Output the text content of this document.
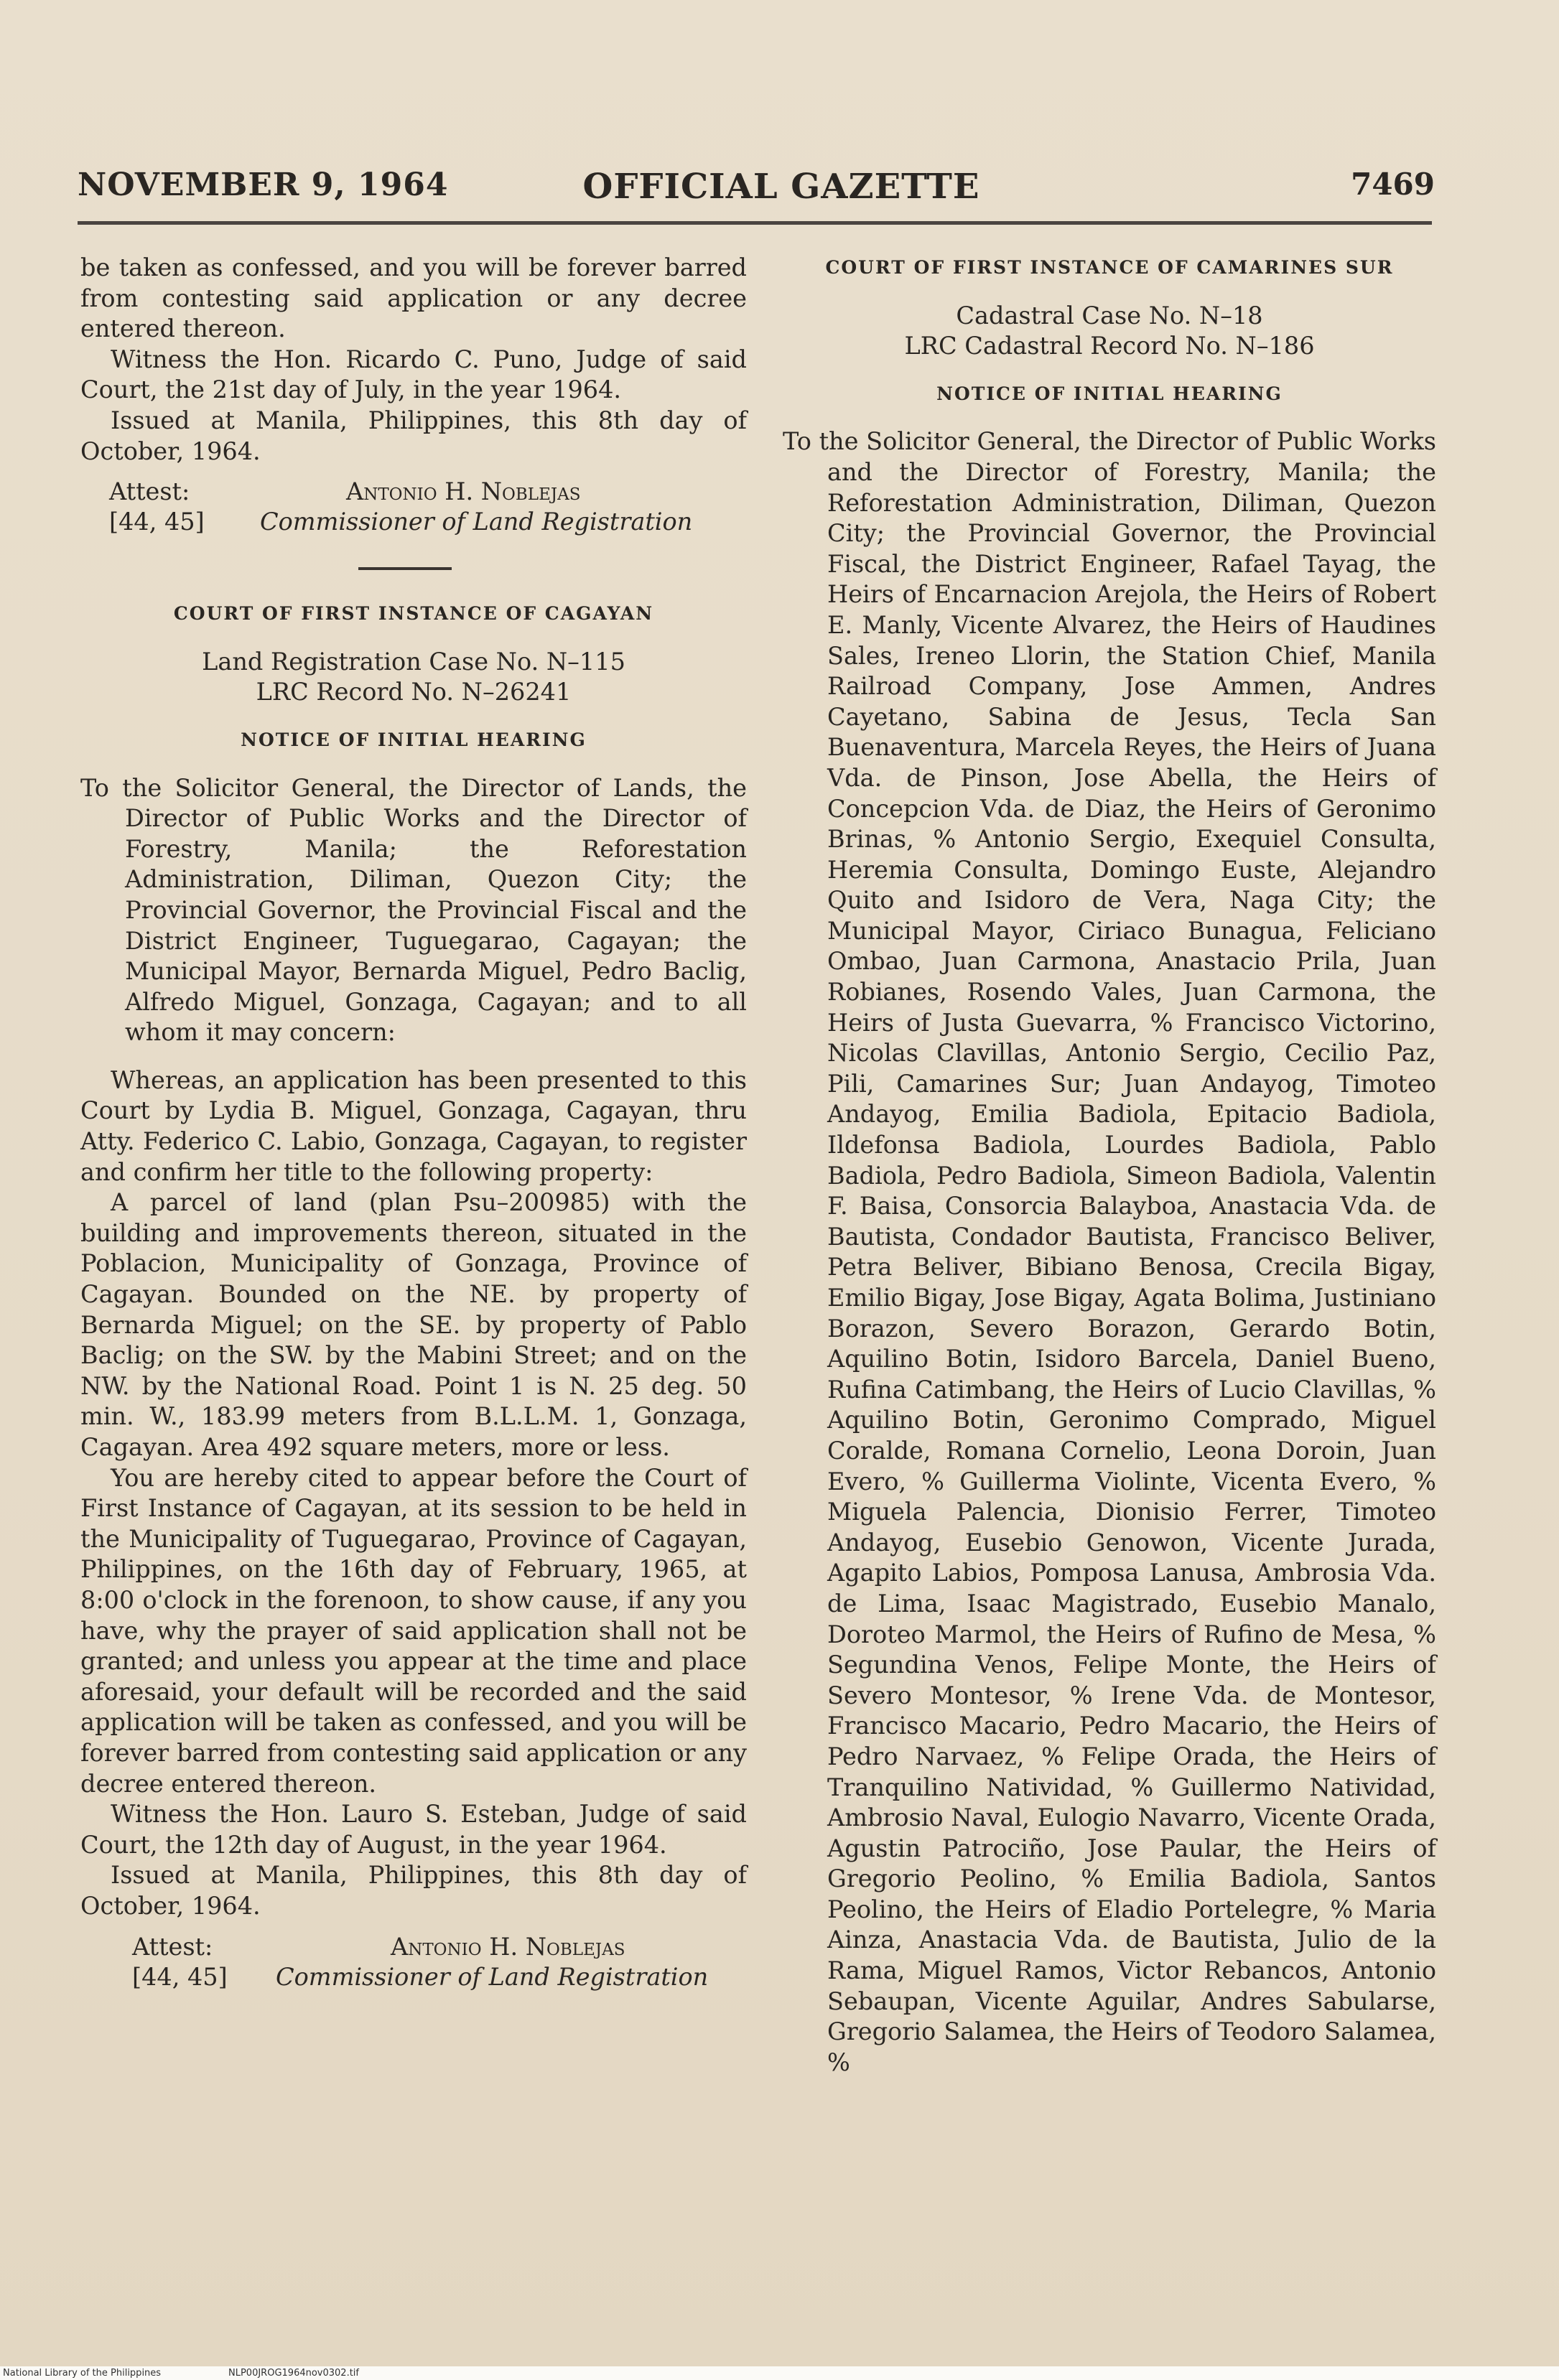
NOVEMBER 9, 1964	OFFICIAL GAZETTE	7469

be taken as confessed, and you will be forever barred from contesting said application or any decree entered thereon.

Witness the Hon. Ricardo C. Puno, Judge of said Court, the 21st day of July, in the year 1964.

Issued at Manila, Philippines, this 8th day of October, 1964.

Attest:	Antonio H. Noblejas
[44, 45] Commissioner of Land Registration

COURT OF FIRST INSTANCE OF CAGAYAN

Land Registration Case No. N–115

LRC Record No. N–26241

NOTICE OF INITIAL HEARING

To the Solicitor General, the Director of Lands, the Director of Public Works and the Director of Forestry, Manila; the Reforestation Administration, Diliman, Quezon City; the Provincial Governor, the Provincial Fiscal and the District Engineer, Tuguegarao, Cagayan; the Municipal Mayor, Bernarda Miguel, Pedro Baclig, Alfredo Miguel, Gonzaga, Cagayan; and to all whom it may concern:

Whereas, an application has been presented to this Court by Lydia B. Miguel, Gonzaga, Cagayan, thru Atty. Federico C. Labio, Gonzaga, Cagayan, to register and confirm her title to the following property:

A parcel of land (plan Psu–200985) with the building and improvements thereon, situated in the Poblacion, Municipality of Gonzaga, Province of Cagayan. Bounded on the NE. by property of Bernarda Miguel; on the SE. by property of Pablo Baclig; on the SW. by the Mabini Street; and on the NW. by the National Road. Point 1 is N. 25 deg. 50 min. W., 183.99 meters from B.L.L.M. 1, Gonzaga, Cagayan. Area 492 square meters, more or less.

You are hereby cited to appear before the Court of First Instance of Cagayan, at its session to be held in the Municipality of Tuguegarao, Province of Cagayan, Philippines, on the 16th day of February, 1965, at 8:00 o'clock in the forenoon, to show cause, if any you have, why the prayer of said application shall not be granted; and unless you appear at the time and place aforesaid, your default will be recorded and the said application will be taken as confessed, and you will be forever barred from contesting said application or any decree entered thereon.

Witness the Hon. Lauro S. Esteban, Judge of said Court, the 12th day of August, in the year 1964.

Issued at Manila, Philippines, this 8th day of October, 1964.

Attest:	Antonio H. Noblejas
[44, 45] Commissioner of Land Registration

COURT OF FIRST INSTANCE OF CAMARINES SUR

Cadastral Case No. N–18

LRC Cadastral Record No. N–186

NOTICE OF INITIAL HEARING

To the Solicitor General, the Director of Public Works and the Director of Forestry, Manila; the Reforestation Administration, Diliman, Quezon City; the Provincial Governor, the Provincial Fiscal, the District Engineer, Rafael Tayag, the Heirs of Encarnacion Arejola, the Heirs of Robert E. Manly, Vicente Alvarez, the Heirs of Haudines Sales, Ireneo Llorin, the Station Chief, Manila Railroad Company, Jose Ammen, Andres Cayetano, Sabina de Jesus, Tecla San Buenaventura, Marcela Reyes, the Heirs of Juana Vda. de Pinson, Jose Abella, the Heirs of Concepcion Vda. de Diaz, the Heirs of Geronimo Brinas, % Antonio Sergio, Exequiel Consulta, Heremia Consulta, Domingo Euste, Alejandro Quito and Isidoro de Vera, Naga City; the Municipal Mayor, Ciriaco Bunagua, Feliciano Ombao, Juan Carmona, Anastacio Prila, Juan Robianes, Rosendo Vales, Juan Carmona, the Heirs of Justa Guevarra, % Francisco Victorino, Nicolas Clavillas, Antonio Sergio, Cecilio Paz, Pili, Camarines Sur; Juan Andayog, Timoteo Andayog, Emilia Badiola, Epitacio Badiola, Ildefonsa Badiola, Lourdes Badiola, Pablo Badiola, Pedro Badiola, Simeon Badiola, Valentin F. Baisa, Consorcia Balayboa, Anastacia Vda. de Bautista, Condador Bautista, Francisco Beliver, Petra Beliver, Bibiano Benosa, Crecila Bigay, Emilio Bigay, Jose Bigay, Agata Bolima, Justiniano Borazon, Severo Borazon, Gerardo Botin, Aquilino Botin, Isidoro Barcela, Daniel Bueno, Rufina Catimbang, the Heirs of Lucio Clavillas, % Aquilino Botin, Geronimo Comprado, Miguel Coralde, Romana Cornelio, Leona Doroin, Juan Evero, % Guillerma Violinte, Vicenta Evero, % Miguela Palencia, Dionisio Ferrer, Timoteo Andayog, Eusebio Genowon, Vicente Jurada, Agapito Labios, Pomposa Lanusa, Ambrosia Vda. de Lima, Isaac Magistrado, Eusebio Manalo, Doroteo Marmol, the Heirs of Rufino de Mesa, % Segundina Venos, Felipe Monte, the Heirs of Severo Montesor, % Irene Vda. de Montesor, Francisco Macario, Pedro Macario, the Heirs of Pedro Narvaez, % Felipe Orada, the Heirs of Tranquilino Natividad, % Guillermo Natividad, Ambrosio Naval, Eulogio Navarro, Vicente Orada, Agustin Patrociño, Jose Paular, the Heirs of Gregorio Peolino, % Emilia Badiola, Santos Peolino, the Heirs of Eladio Portelegre, % Maria Ainza, Anastacia Vda. de Bautista, Julio de la Rama, Miguel Ramos, Victor Rebancos, Antonio Sebaupan, Vicente Aguilar, Andres Sabularse, Gregorio Salamea, the Heirs of Teodoro Salamea, %

National Library of the Philippines	NLP00JROG1964nov0302.tif
